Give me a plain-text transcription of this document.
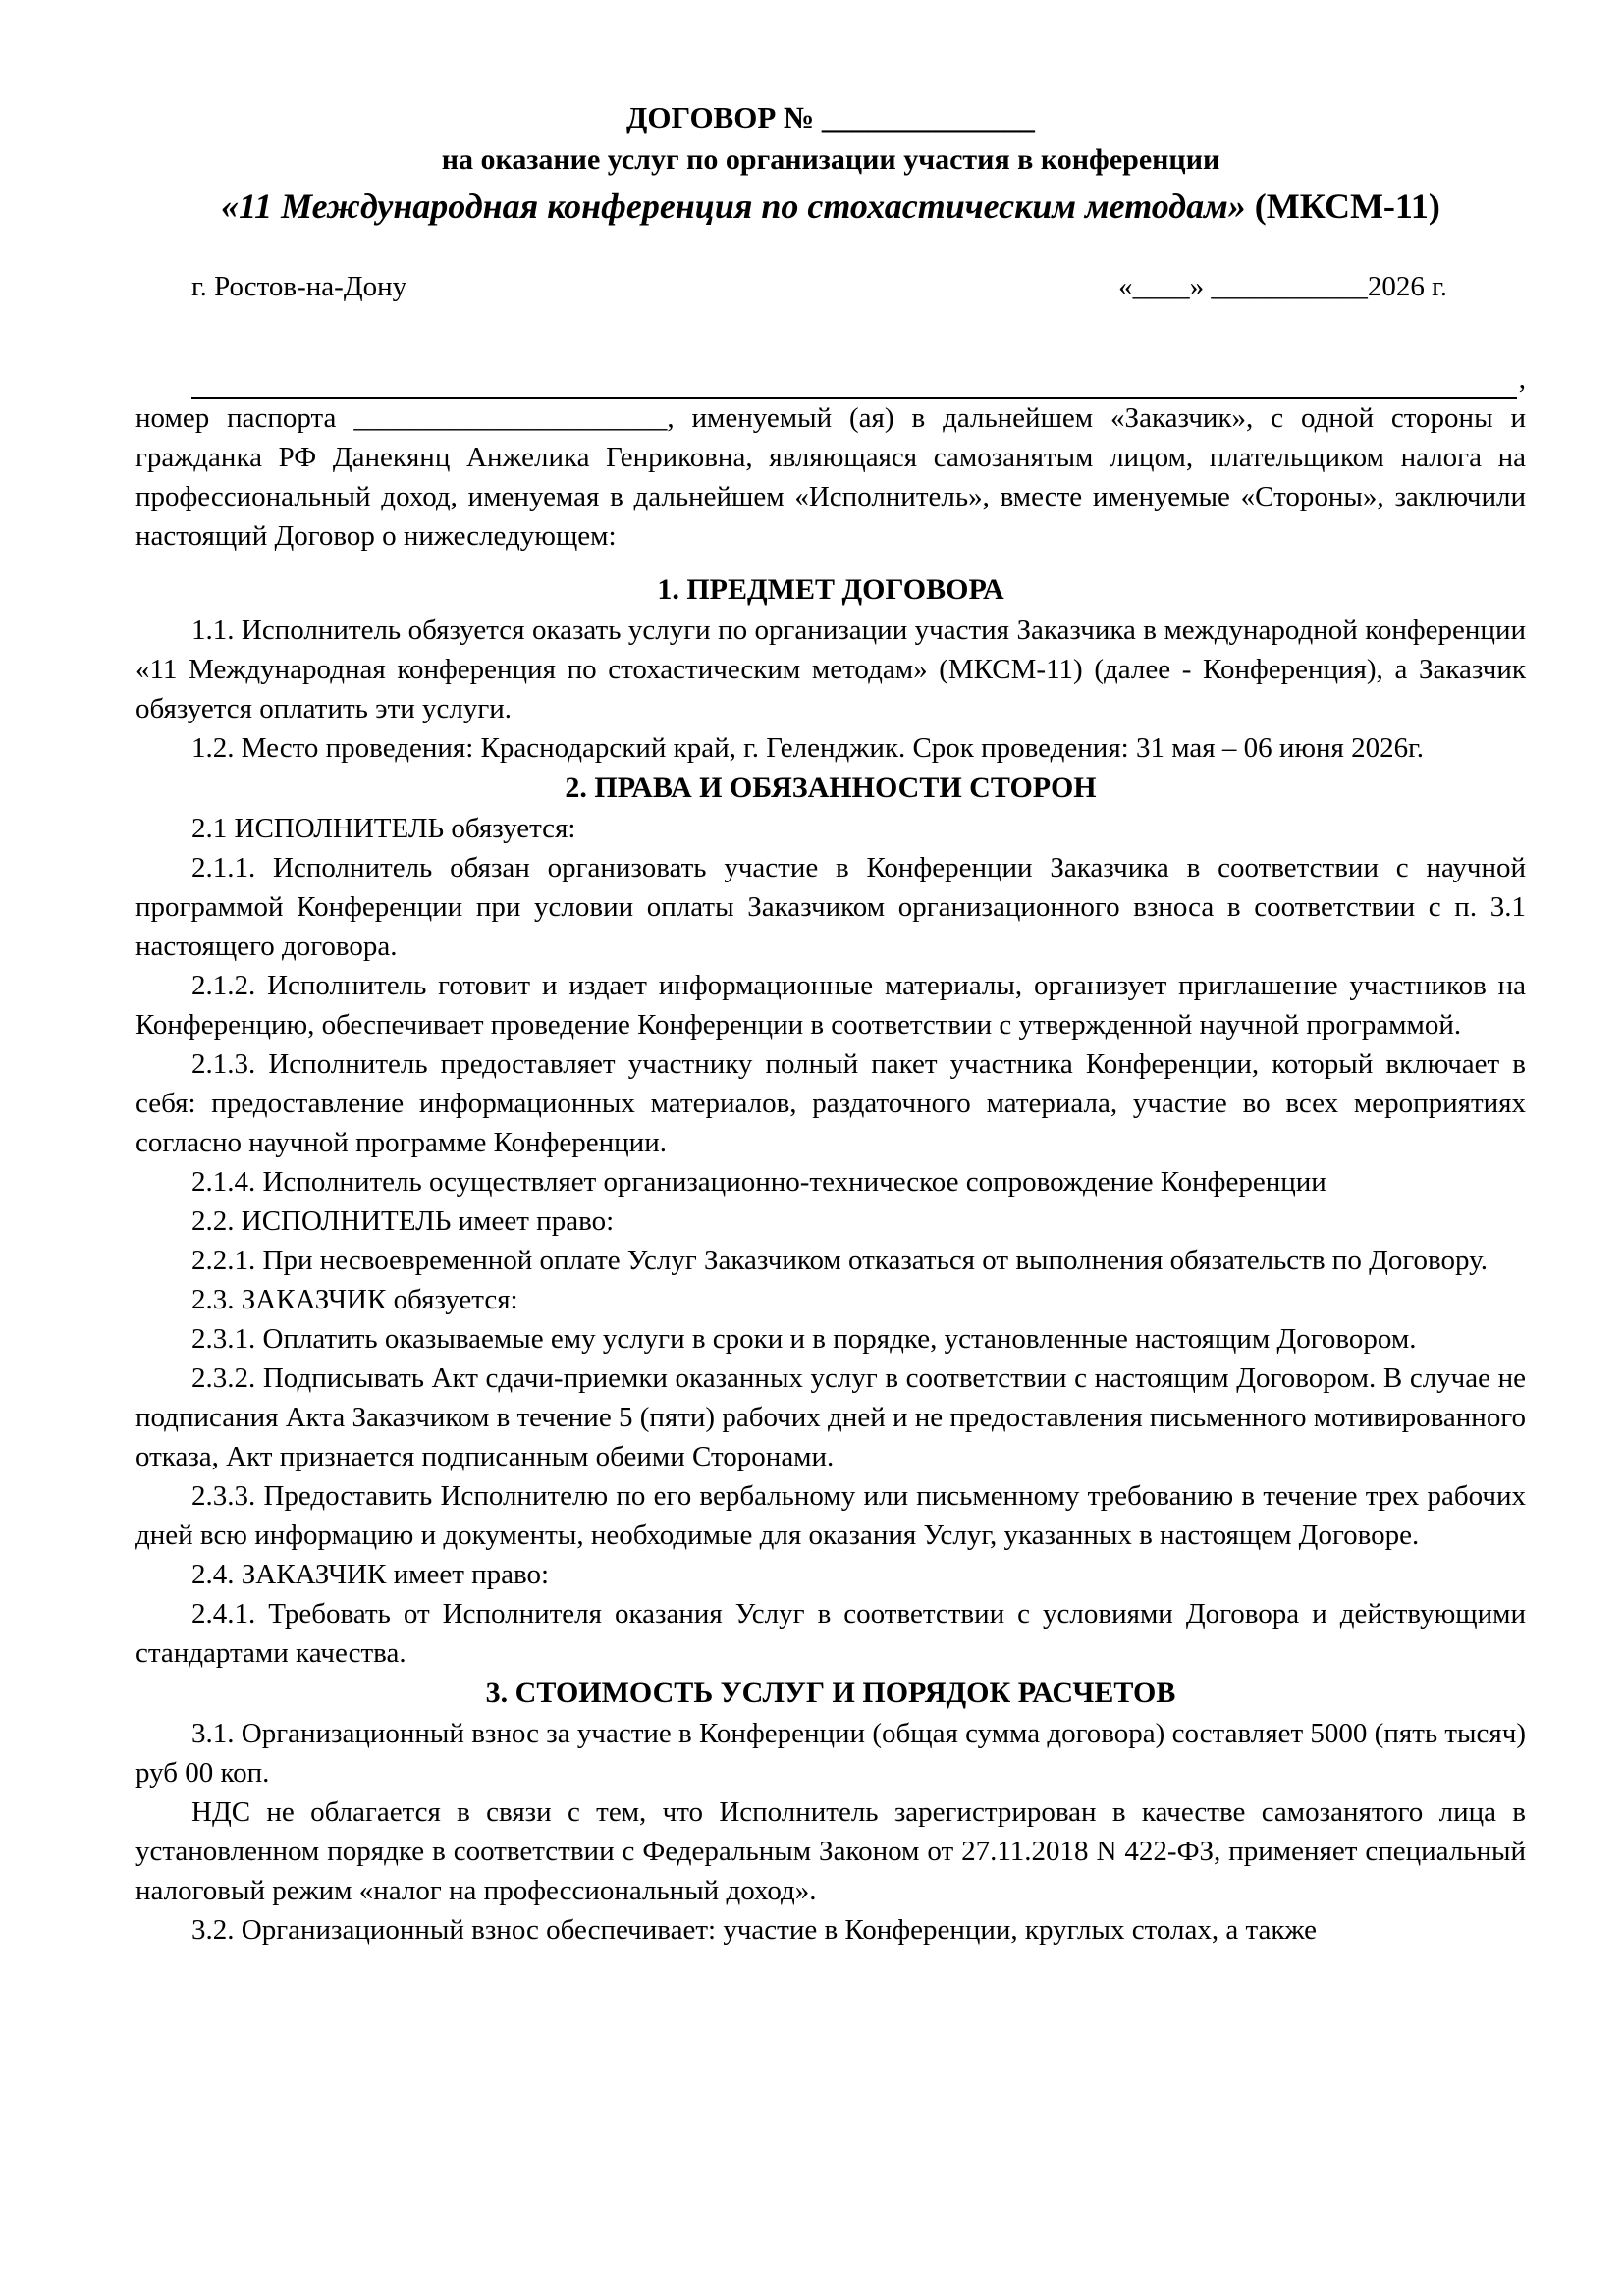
ДОГОВОР № ______________
на оказание услуг по организации участия в конференции
«11 Международная конференция по стохастическим методам» (МКСМ-11)
г. Ростов-на-Дону	«____» ___________2026 г.
,

номер паспорта ______________________, именуемый (ая) в дальнейшем «Заказчик», с одной стороны и гражданка РФ Данекянц Анжелика Генриковна, являющаяся самозанятым лицом, плательщиком налога на профессиональный доход, именуемая в дальнейшем «Исполнитель», вместе именуемые «Стороны», заключили настоящий Договор о нижеследующем:

1. ПРЕДМЕТ ДОГОВОРА

1.1. Исполнитель обязуется оказать услуги по организации участия Заказчика в международной конференции «11 Международная конференция по стохастическим методам» (МКСМ-11) (далее - Конференция), а Заказчик обязуется оплатить эти услуги.

1.2. Место проведения: Краснодарский край, г. Геленджик. Срок проведения: 31 мая – 06 июня 2026г.

2. ПРАВА И ОБЯЗАННОСТИ СТОРОН

2.1 ИСПОЛНИТЕЛЬ обязуется:

2.1.1. Исполнитель обязан организовать участие в Конференции Заказчика в соответствии с научной программой Конференции при условии оплаты Заказчиком организационного взноса в соответствии с п. 3.1 настоящего договора.

2.1.2. Исполнитель готовит и издает информационные материалы, организует приглашение участников на Конференцию, обеспечивает проведение Конференции в соответствии с утвержденной научной программой.

2.1.3. Исполнитель предоставляет участнику полный пакет участника Конференции, который включает в себя: предоставление информационных материалов, раздаточного материала, участие во всех мероприятиях согласно научной программе Конференции.

2.1.4. Исполнитель осуществляет организационно-техническое сопровождение Конференции

2.2. ИСПОЛНИТЕЛЬ имеет право:

2.2.1. При несвоевременной оплате Услуг Заказчиком отказаться от выполнения обязательств по Договору.

2.3. ЗАКАЗЧИК обязуется:

2.3.1. Оплатить оказываемые ему услуги в сроки и в порядке, установленные настоящим Договором.

2.3.2. Подписывать Акт сдачи-приемки оказанных услуг в соответствии с настоящим Договором. В случае не подписания Акта Заказчиком в течение 5 (пяти) рабочих дней и не предоставления письменного мотивированного отказа, Акт признается подписанным обеими Сторонами.

2.3.3. Предоставить Исполнителю по его вербальному или письменному требованию в течение трех рабочих дней всю информацию и документы, необходимые для оказания Услуг, указанных в настоящем Договоре.

2.4. ЗАКАЗЧИК имеет право:

2.4.1. Требовать от Исполнителя оказания Услуг в соответствии с условиями Договора и действующими стандартами качества.

3. СТОИМОСТЬ УСЛУГ И ПОРЯДОК РАСЧЕТОВ

3.1. Организационный взнос за участие в Конференции (общая сумма договора) составляет 5000 (пять тысяч) руб 00 коп.

НДС не облагается в связи с тем, что Исполнитель зарегистрирован в качестве самозанятого лица в установленном порядке в соответствии с Федеральным Законом от 27.11.2018 N 422-ФЗ, применяет специальный налоговый режим «налог на профессиональный доход».

3.2. Организационный взнос обеспечивает: участие в Конференции, круглых столах, а также
